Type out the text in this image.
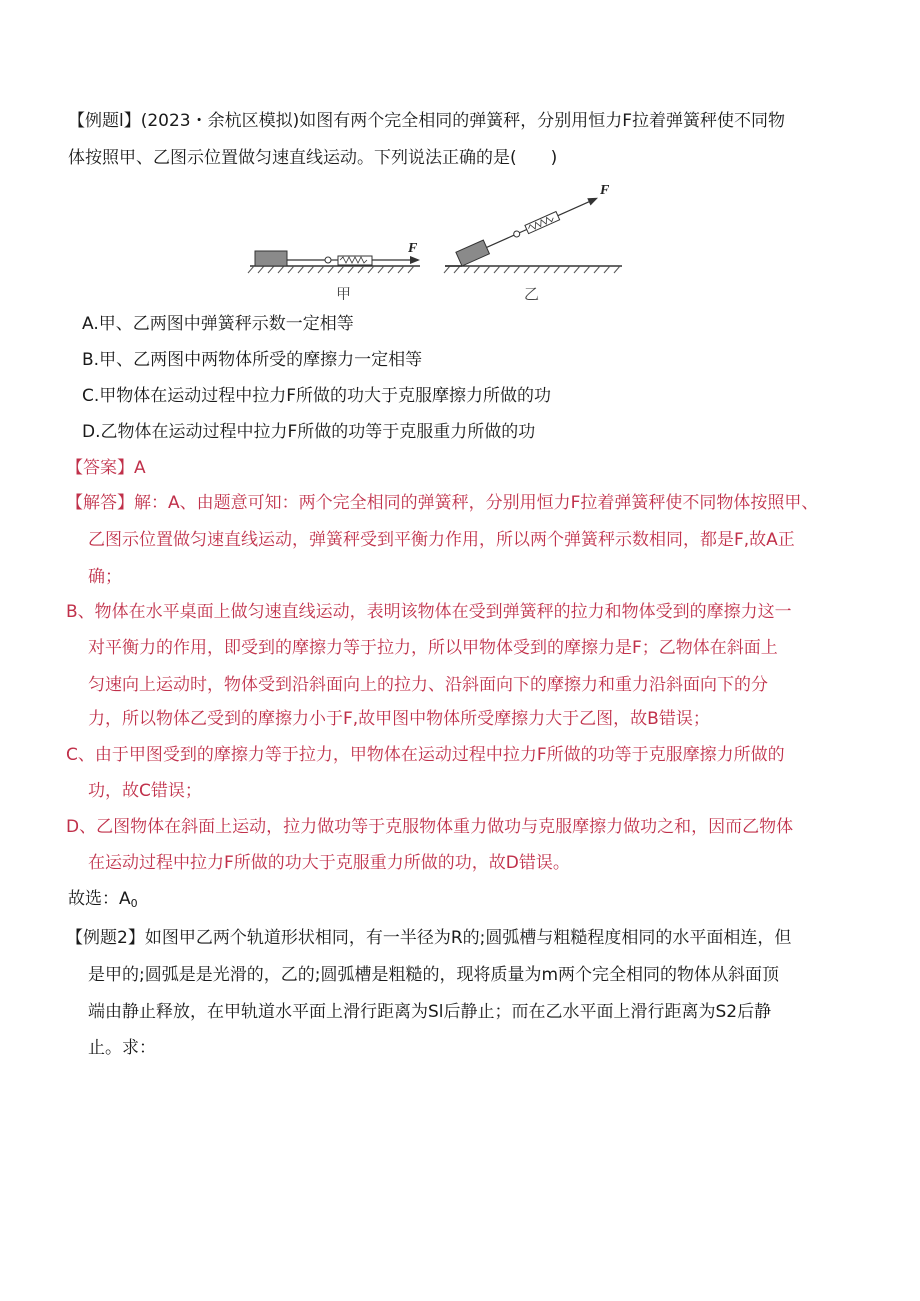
【例题l】(2023・余杭区模拟)如图有两个完全相同的弹簧秤，分别用恒力F拉着弹簧秤使不同物
体按照甲、乙图示位置做匀速直线运动。下列说法正确的是(　　)
F
甲
F
乙
A.甲、乙两图中弹簧秤示数一定相等
B.甲、乙两图中两物体所受的摩擦力一定相等
C.甲物体在运动过程中拉力F所做的功大于克服摩擦力所做的功
D.乙物体在运动过程中拉力F所做的功等于克服重力所做的功
【答案】A
【解答】解：A、由题意可知：两个完全相同的弹簧秤，分别用恒力F拉着弹簧秤使不同物体按照甲、
乙图示位置做匀速直线运动，弹簧秤受到平衡力作用，所以两个弹簧秤示数相同，都是F,故A正
确；
B、物体在水平桌面上做匀速直线运动，表明该物体在受到弹簧秤的拉力和物体受到的摩擦力这一
对平衡力的作用，即受到的摩擦力等于拉力，所以甲物体受到的摩擦力是F；乙物体在斜面上
匀速向上运动时，物体受到沿斜面向上的拉力、沿斜面向下的摩擦力和重力沿斜面向下的分
力，所以物体乙受到的摩擦力小于F,故甲图中物体所受摩擦力大于乙图，故B错误；
C、由于甲图受到的摩擦力等于拉力，甲物体在运动过程中拉力F所做的功等于克服摩擦力所做的
功，故C错误；
D、乙图物体在斜面上运动，拉力做功等于克服物体重力做功与克服摩擦力做功之和，因而乙物体
在运动过程中拉力F所做的功大于克服重力所做的功，故D错误。
故选：$A_0$
【例题2】如图甲乙两个轨道形状相同，有一半径为R的;圆弧槽与粗糙程度相同的水平面相连，但
是甲的;圆弧是是光滑的，乙的;圆弧槽是粗糙的，现将质量为m两个完全相同的物体从斜面顶
端由静止释放，在甲轨道水平面上滑行距离为Sl后静止；而在乙水平面上滑行距离为S2后静
止。求：
